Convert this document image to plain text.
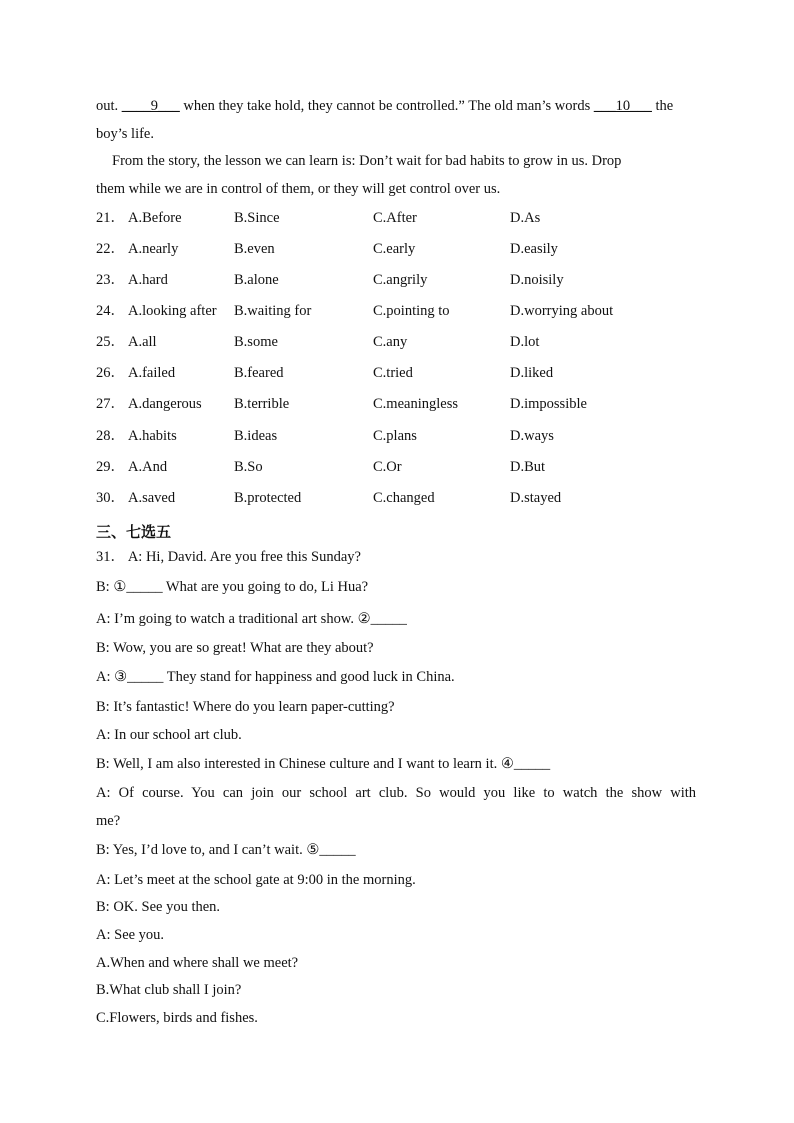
out. ____9___ when they take hold, they cannot be controlled.” The old man’s words ___10___ the
boy’s life.
From the story, the lesson we can learn is: Don’t wait for bad habits to grow in us. Drop
them while we are in control of them, or they will get control over us.
21． A.Before	B.Since	C.After	D.As
22． A.nearly	B.even	C.early	D.easily
23． A.hard	B.alone	C.angrily	D.noisily
24． A.looking after B.waiting for	C.pointing to	D.worrying about
25． A.all	B.some	C.any	D.lot
26． A.failed	B.feared	C.tried	D.liked
27． A.dangerous B.terrible	C.meaningless	D.impossible
28． A.habits	B.ideas	C.plans	D.ways
29． A.And	B.So	C.Or	D.But
30． A.saved	B.protected	C.changed	D.stayed
三、七选五
31． A: Hi, David. Are you free this Sunday?
B: ①_____ What are you going to do, Li Hua?
A: I’m going to watch a traditional art show. ②_____
B: Wow, you are so great! What are they about?
A: ③_____ They stand for happiness and good luck in China.
B: It’s fantastic! Where do you learn paper-cutting?
A: In our school art club.
B: Well, I am also interested in Chinese culture and I want to learn it. ④_____
A: Of course. You can join our school art club. So would you like to watch the show with
me?
B: Yes, I’d love to, and I can’t wait. ⑤_____
A: Let’s meet at the school gate at 9:00 in the morning.
B: OK. See you then.
A: See you.
A.When and where shall we meet?
B.What club shall I join?
C.Flowers, birds and fishes.
